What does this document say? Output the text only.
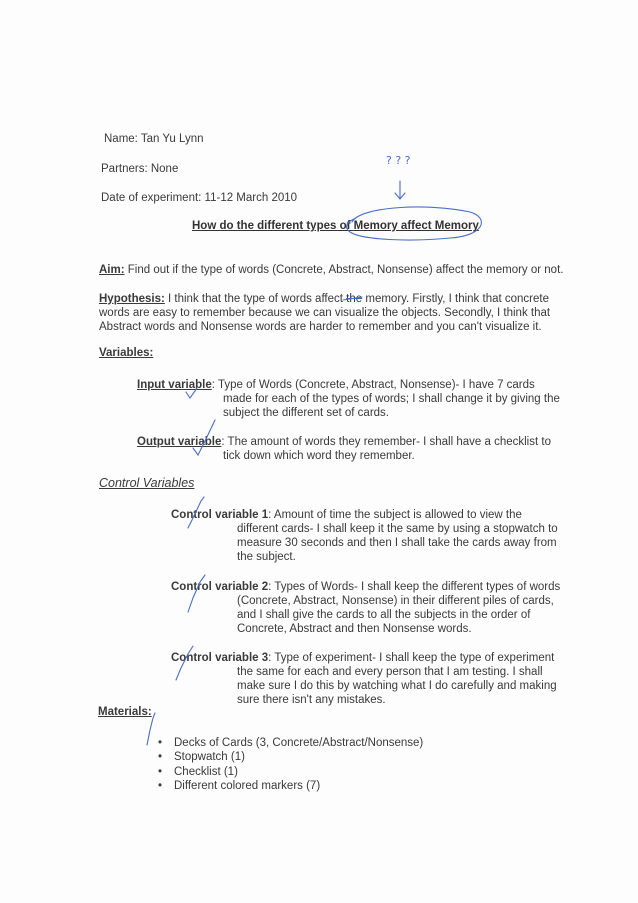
Name: Tan Yu Lynn
Partners: None
Date of experiment: 11-12 March 2010
How do the different types of Memory affect Memory
Aim: Find out if the type of words (Concrete, Abstract, Nonsense) affect the memory or not.
Hypothesis: I think that the type of words affect the memory. Firstly, I think that concrete
words are easy to remember because we can visualize the objects. Secondly, I think that
Abstract words and Nonsense words are harder to remember and you can't visualize it.
Variables:
Input variable: Type of Words (Concrete, Abstract, Nonsense)- I have 7 cards
made for each of the types of words; I shall change it by giving the
subject the different set of cards.
Output variable: The amount of words they remember- I shall have a checklist to
tick down which word they remember.
Control Variables
Control variable 1: Amount of time the subject is allowed to view the
different cards- I shall keep it the same by using a stopwatch to
measure 30 seconds and then I shall take the cards away from
the subject.
Control variable 2: Types of Words- I shall keep the different types of words
(Concrete, Abstract, Nonsense) in their different piles of cards,
and I shall give the cards to all the subjects in the order of
Concrete, Abstract and then Nonsense words.
Control variable 3: Type of experiment- I shall keep the type of experiment
the same for each and every person that I am testing. I shall
make sure I do this by watching what I do carefully and making
sure there isn't any mistakes.
Materials:
• Decks of Cards (3, Concrete/Abstract/Nonsense)
• Stopwatch (1)
• Checklist (1)
• Different colored markers (7)
? ? ?
